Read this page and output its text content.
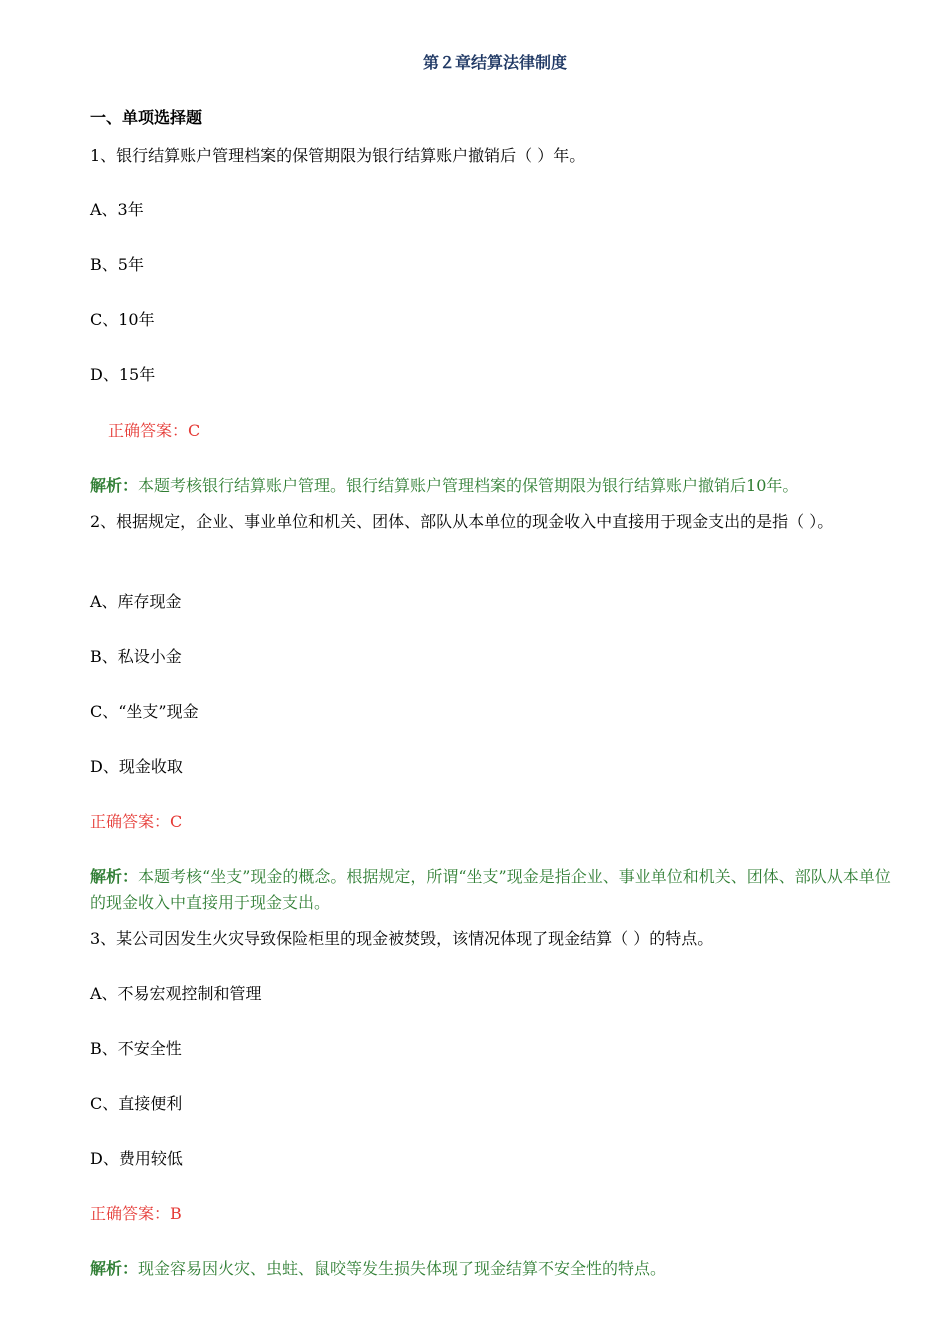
第２章结算法律制度
一、单项选择题
1、银行结算账户管理档案的保管期限为银行结算账户撤销后（ ）年。
A、3年
B、5年
C、10年
D、15年
正确答案：C
解析：本题考核银行结算账户管理。银行结算账户管理档案的保管期限为银行结算账户撤销后10年。
2、根据规定，企业、事业单位和机关、团体、部队从本单位的现金收入中直接用于现金支出的是指（ ）。
A、库存现金
B、私设小金
C、“坐支”现金
D、现金收取
正确答案：C
解析：本题考核“坐支”现金的概念。根据规定，所谓“坐支”现金是指企业、事业单位和机关、团体、部队从本单位的现金收入中直接用于现金支出。
3、某公司因发生火灾导致保险柜里的现金被焚毁，该情况体现了现金结算（ ）的特点。
A、不易宏观控制和管理
B、不安全性
C、直接便利
D、费用较低
正确答案：B
解析：现金容易因火灾、虫蛀、鼠咬等发生损失体现了现金结算不安全性的特点。
